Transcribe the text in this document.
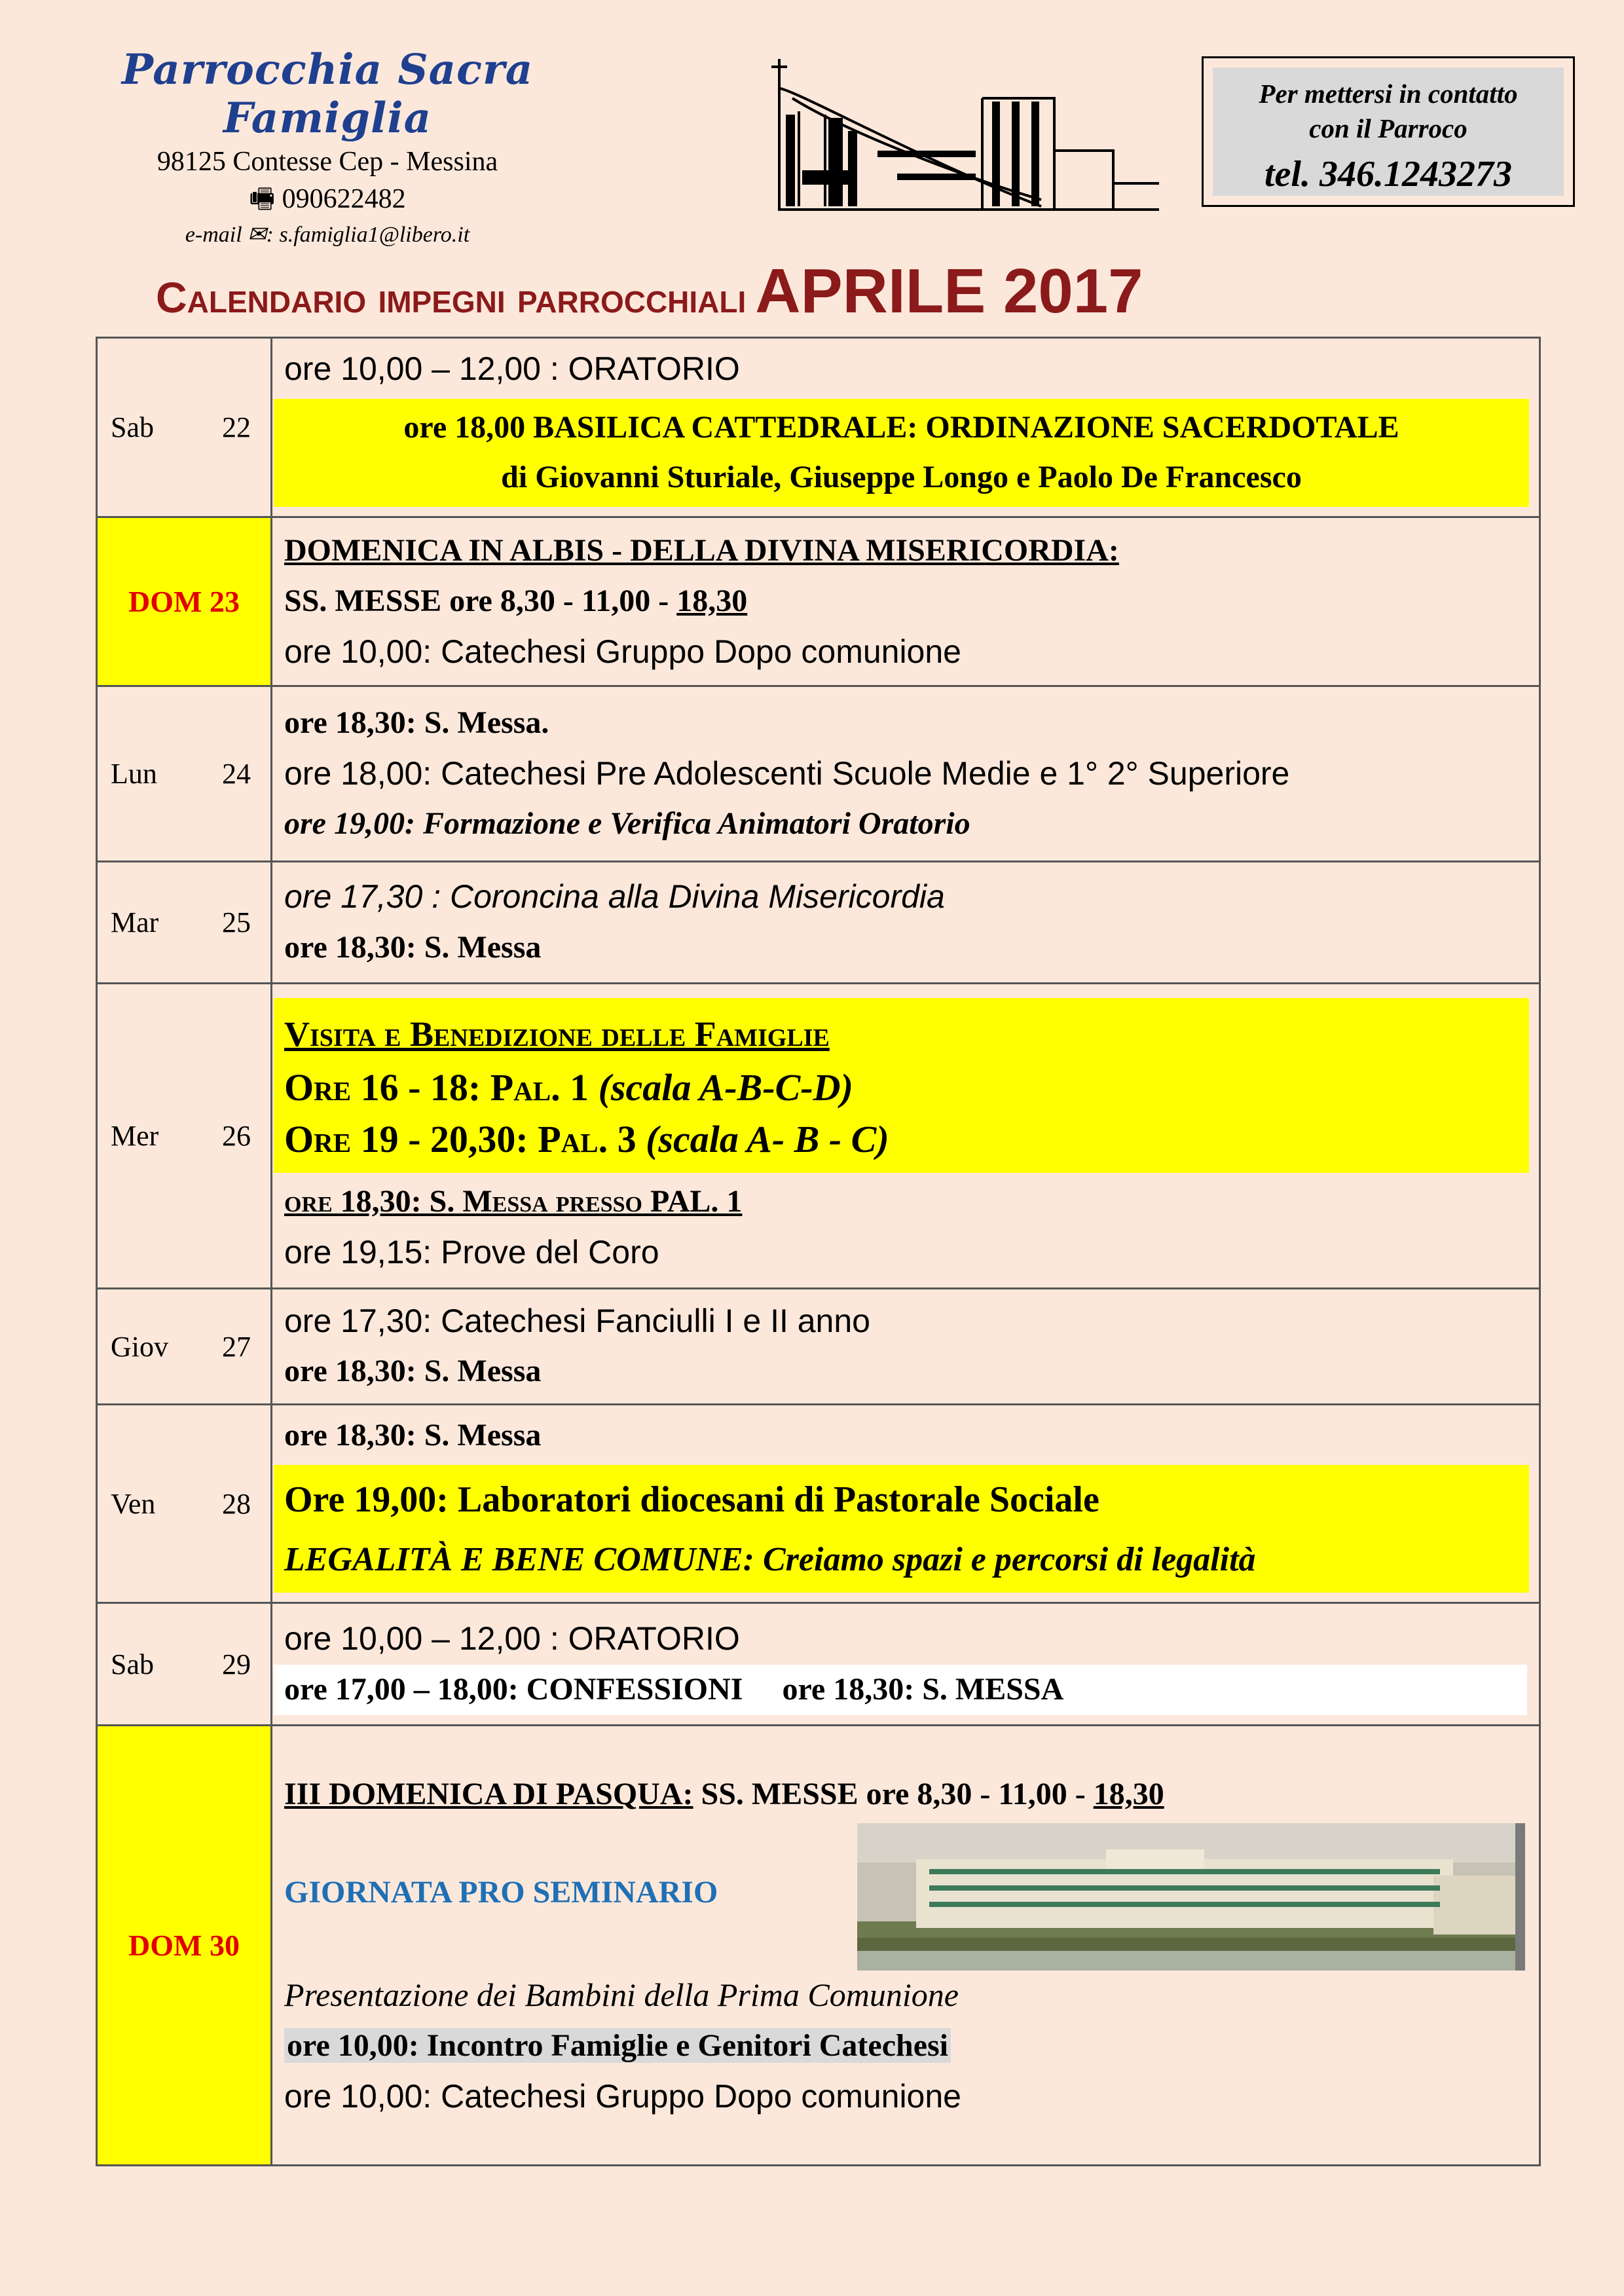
Parrocchia Sacra Famiglia
98125 Contesse Cep - Messina
🖷 090622482
e-mail ✉: s.famiglia1@libero.it
Per mettersi in contatto
con il Parroco
tel. 346.1243273
Calendario impegni parrocchiali APRILE 2017
Sab 22	ore 10,00 – 12,00 : ORATORIO
ore 18,00 BASILICA CATTEDRALE: ORDINAZIONE SACERDOTALE
di Giovanni Sturiale, Giuseppe Longo e Paolo De Francesco

DOM 23	DOMENICA IN ALBIS - DELLA DIVINA MISERICORDIA:
SS. MESSE ore 8,30 - 11,00 - 18,30
ore 10,00: Catechesi Gruppo Dopo comunione

Lun 24	ore 18,30: S. Messa.
ore 18,00: Catechesi Pre Adolescenti Scuole Medie e 1° 2° Superiore
ore 19,00: Formazione e Verifica Animatori Oratorio

Mar 25	ore 17,30 : Coroncina alla Divina Misericordia
ore 18,30: S. Messa

Mer 26	Visita e Benedizione delle Famiglie
Ore 16 - 18: Pal. 1 (scala A-B-C-D)
Ore 19 - 20,30: Pal. 3 (scala A- B - C)
ore 18,30: S. Messa presso PAL. 1
ore 19,15: Prove del Coro

Giov 27	ore 17,30: Catechesi Fanciulli I e II anno
ore 18,30: S. Messa

Ven 28	ore 18,30: S. Messa
Ore 19,00: Laboratori diocesani di Pastorale Sociale
LEGALITÀ E BENE COMUNE: Creiamo spazi e percorsi di legalità

Sab 29	ore 10,00 – 12,00 : ORATORIO
ore 17,00 – 18,00: CONFESSIONI ore 18,30: S. MESSA

DOM 30	III DOMENICA DI PASQUA: SS. MESSE ore 8,30 - 11,00 - 18,30
GIORNATA PRO SEMINARIO
Presentazione dei Bambini della Prima Comunione
ore 10,00: Incontro Famiglie e Genitori Catechesi
ore 10,00: Catechesi Gruppo Dopo comunione
